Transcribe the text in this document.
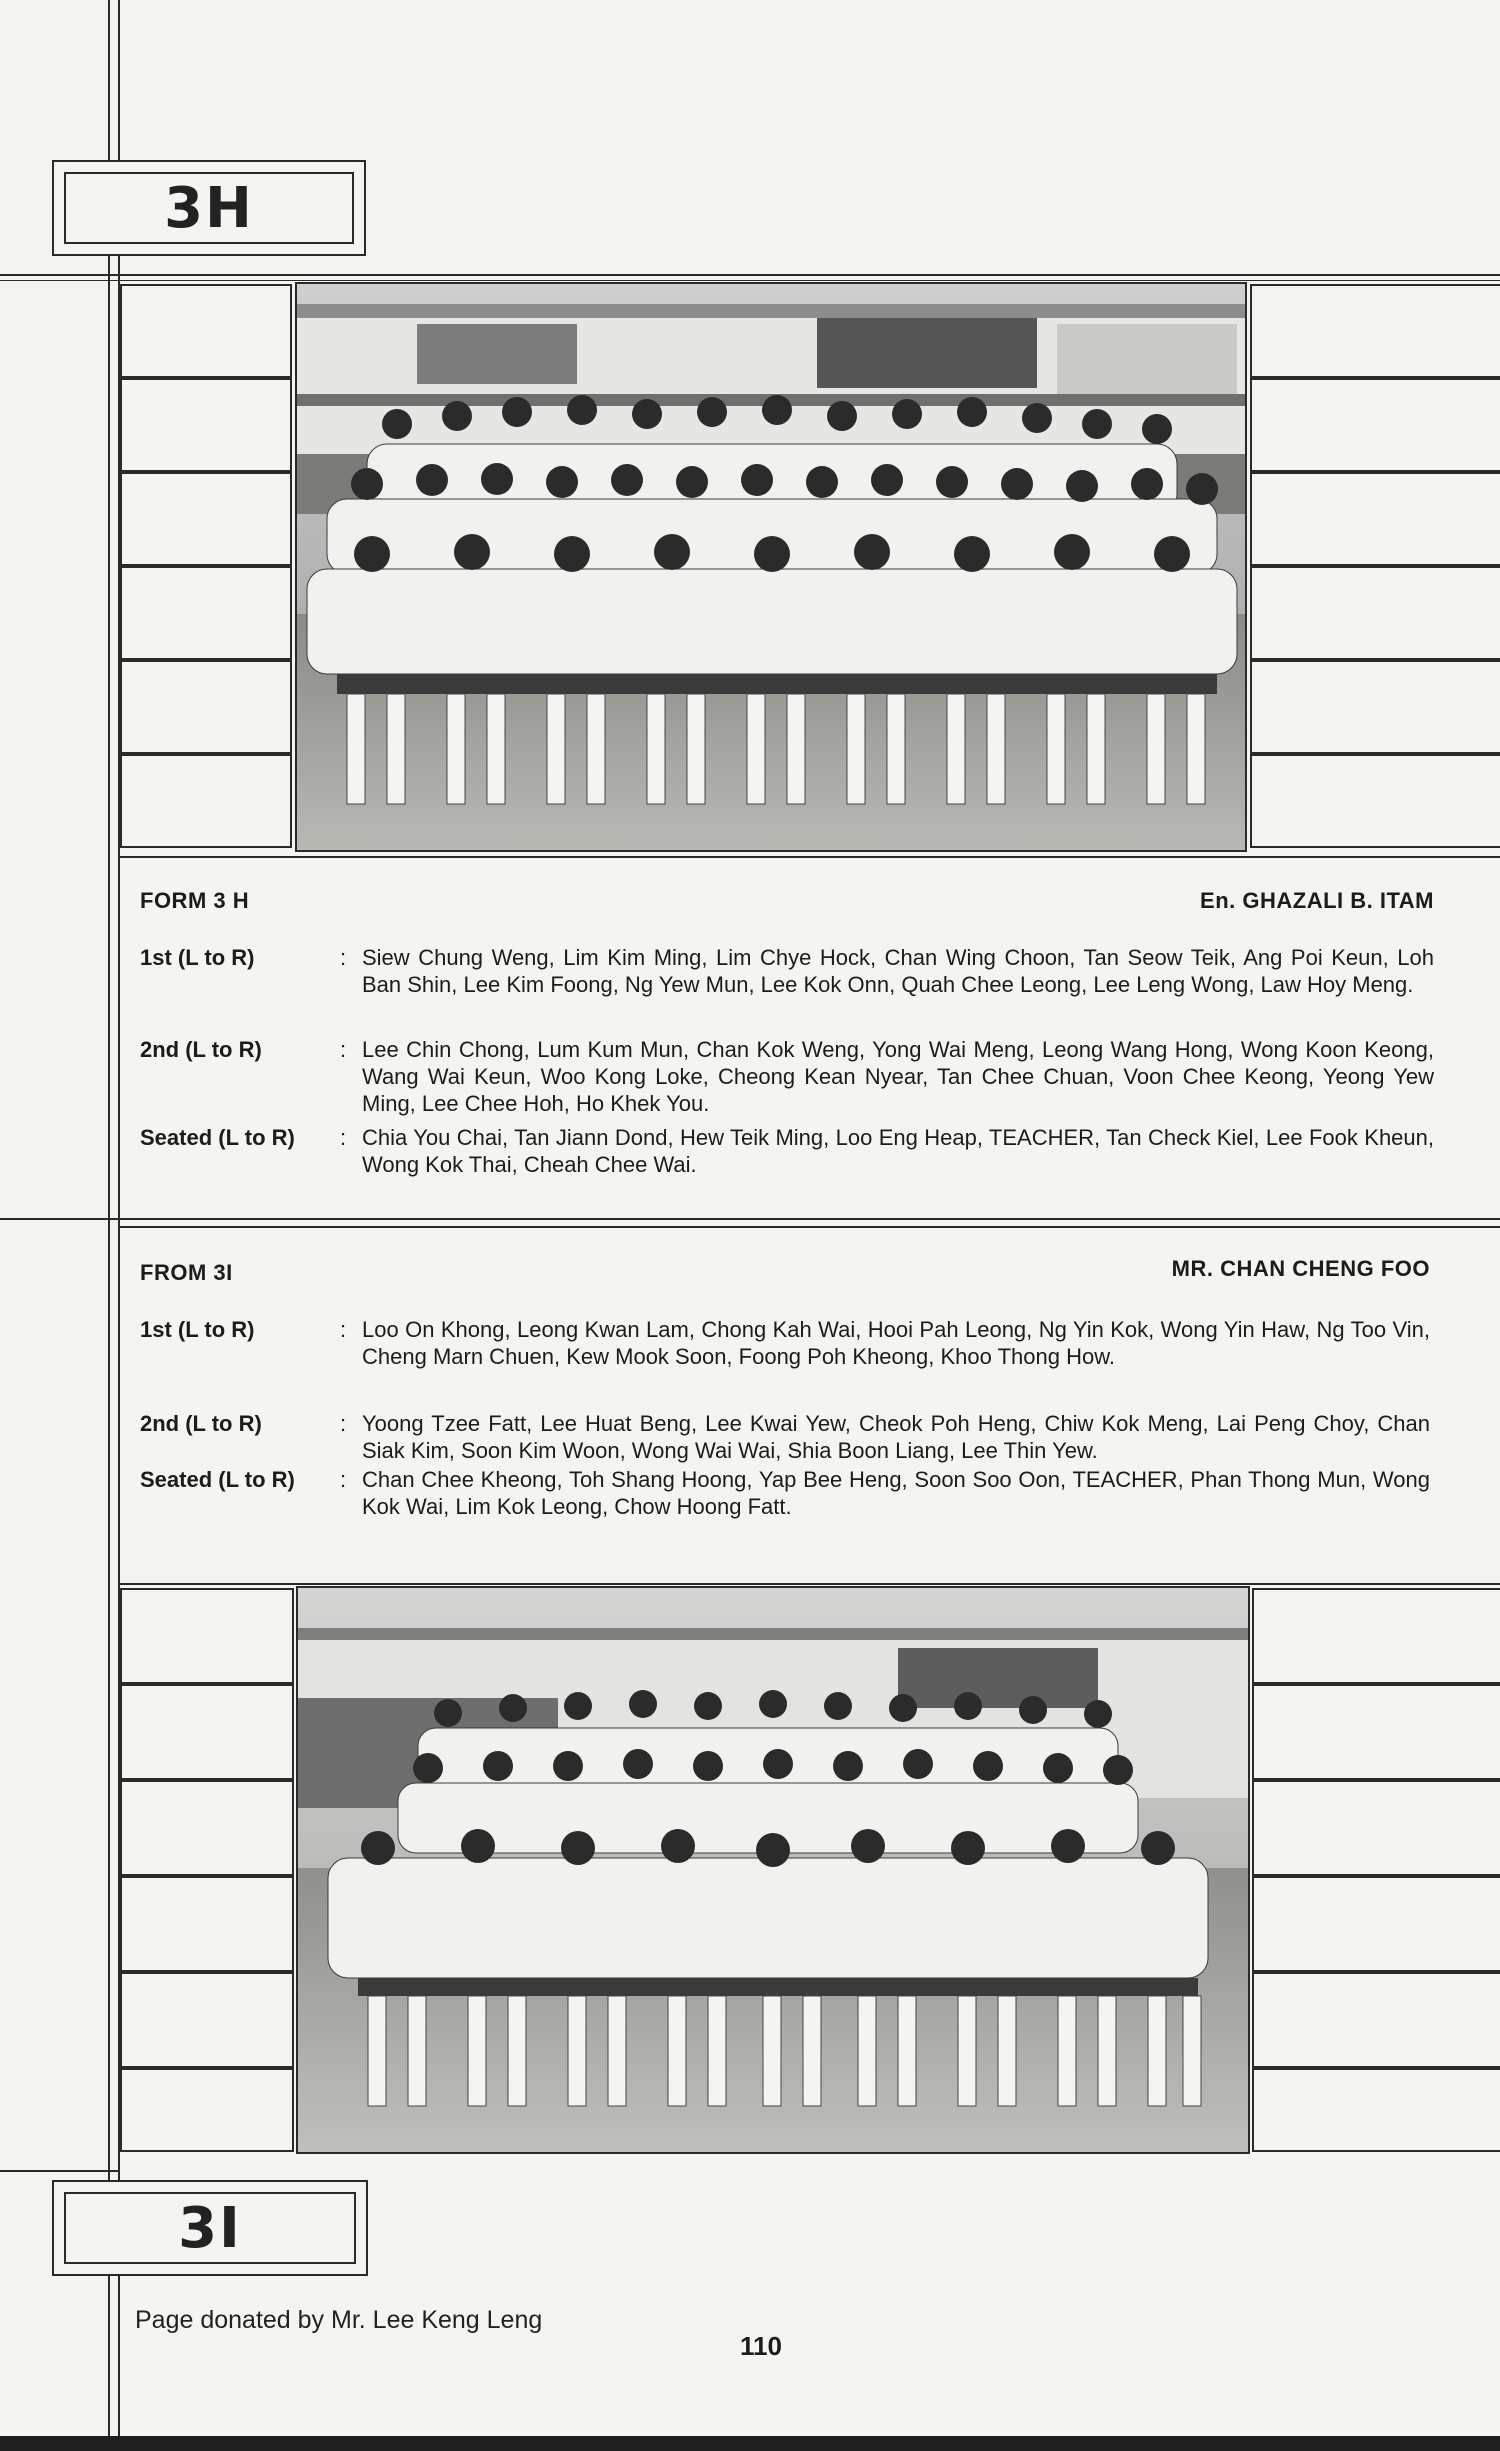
3H
FORM 3 H	En. GHAZALI B. ITAM
1st (L to R)	: Siew Chung Weng, Lim Kim Ming, Lim Chye Hock, Chan Wing Choon, Tan Seow Teik, Ang Poi Keun, Loh Ban Shin, Lee Kim Foong, Ng Yew Mun, Lee Kok Onn, Quah Chee Leong, Lee Leng Wong, Law Hoy Meng.
2nd (L to R)	: Lee Chin Chong, Lum Kum Mun, Chan Kok Weng, Yong Wai Meng, Leong Wang Hong, Wong Koon Keong, Wang Wai Keun, Woo Kong Loke, Cheong Kean Nyear, Tan Chee Chuan, Voon Chee Keong, Yeong Yew Ming, Lee Chee Hoh, Ho Khek You.
Seated (L to R)	: Chia You Chai, Tan Jiann Dond, Hew Teik Ming, Loo Eng Heap, TEACHER, Tan Check Kiel, Lee Fook Kheun, Wong Kok Thai, Cheah Chee Wai.
FROM 3I	MR. CHAN CHENG FOO
1st (L to R)	: Loo On Khong, Leong Kwan Lam, Chong Kah Wai, Hooi Pah Leong, Ng Yin Kok, Wong Yin Haw, Ng Too Vin, Cheng Marn Chuen, Kew Mook Soon, Foong Poh Kheong, Khoo Thong How.
2nd (L to R)	: Yoong Tzee Fatt, Lee Huat Beng, Lee Kwai Yew, Cheok Poh Heng, Chiw Kok Meng, Lai Peng Choy, Chan Siak Kim, Soon Kim Woon, Wong Wai Wai, Shia Boon Liang, Lee Thin Yew.
Seated (L to R)	: Chan Chee Kheong, Toh Shang Hoong, Yap Bee Heng, Soon Soo Oon, TEACHER, Phan Thong Mun, Wong Kok Wai, Lim Kok Leong, Chow Hoong Fatt.
3I
Page donated by Mr. Lee Keng Leng
110
